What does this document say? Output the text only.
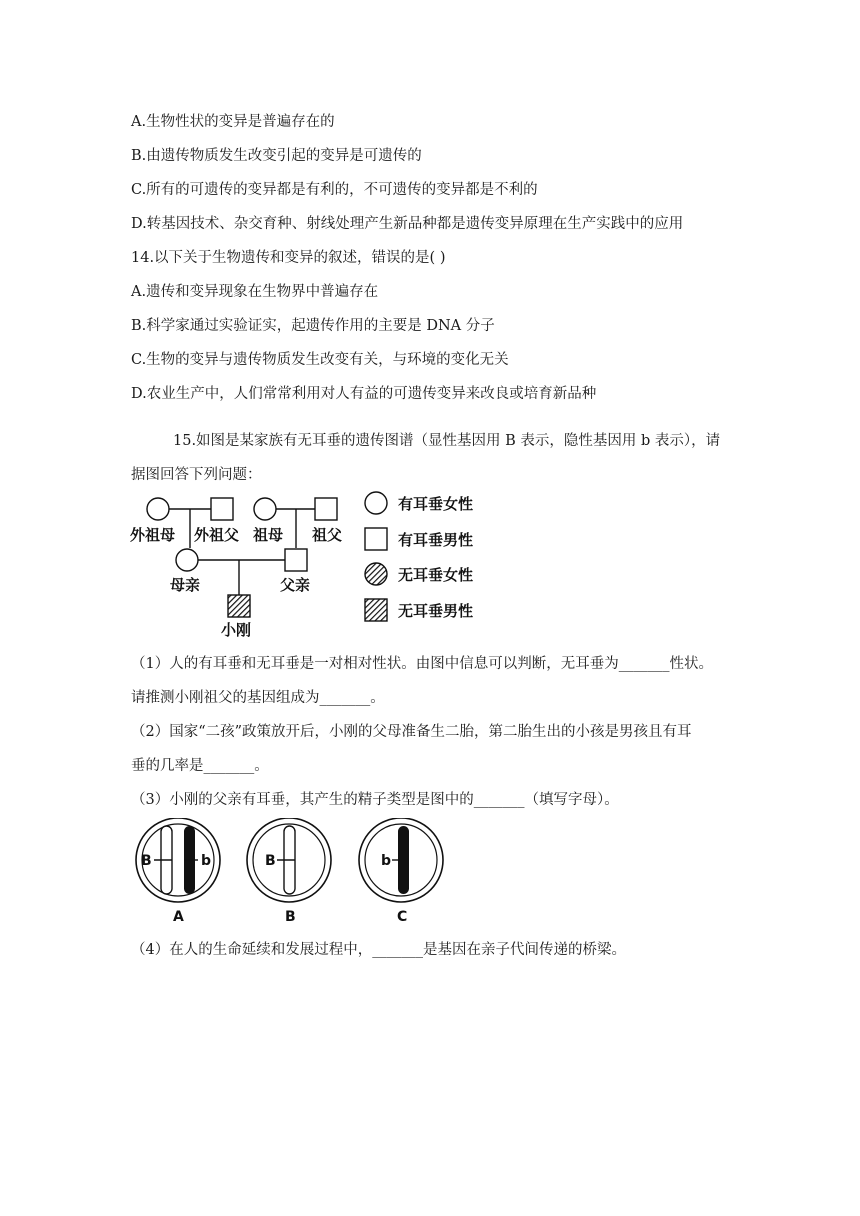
A.生物性状的变异是普遍存在的
B.由遗传物质发生改变引起的变异是可遗传的
C.所有的可遗传的变异都是有利的，不可遗传的变异都是不利的
D.转基因技术、杂交育种、射线处理产生新品种都是遗传变异原理在生产实践中的应用
14.以下关于生物遗传和变异的叙述，错误的是( )
A.遗传和变异现象在生物界中普遍存在
B.科学家通过实验证实，起遗传作用的主要是 DNA 分子
C.生物的变异与遗传物质发生改变有关，与环境的变化无关
D.农业生产中，人们常常利用对人有益的可遗传变异来改良或培育新品种
15.如图是某家族有无耳垂的遗传图谱（显性基因用 B 表示，隐性基因用 b 表示），请据图回答下列问题：
外祖母 外祖父 祖母 祖父
母亲	父亲
小刚
有耳垂女性
有耳垂男性
无耳垂女性
无耳垂男性
（1）人的有耳垂和无耳垂是一对相对性状。由图中信息可以判断，无耳垂为_______性状。
请推测小刚祖父的基因组成为_______。
（2）国家“二孩”政策放开后，小刚的父母准备生二胎，第二胎生出的小孩是男孩且有耳
垂的几率是_______。
（3）小刚的父亲有耳垂，其产生的精子类型是图中的_______（填写字母）。
B	b
A
B
B
b
C
（4）在人的生命延续和发展过程中，_______是基因在亲子代间传递的桥梁。
